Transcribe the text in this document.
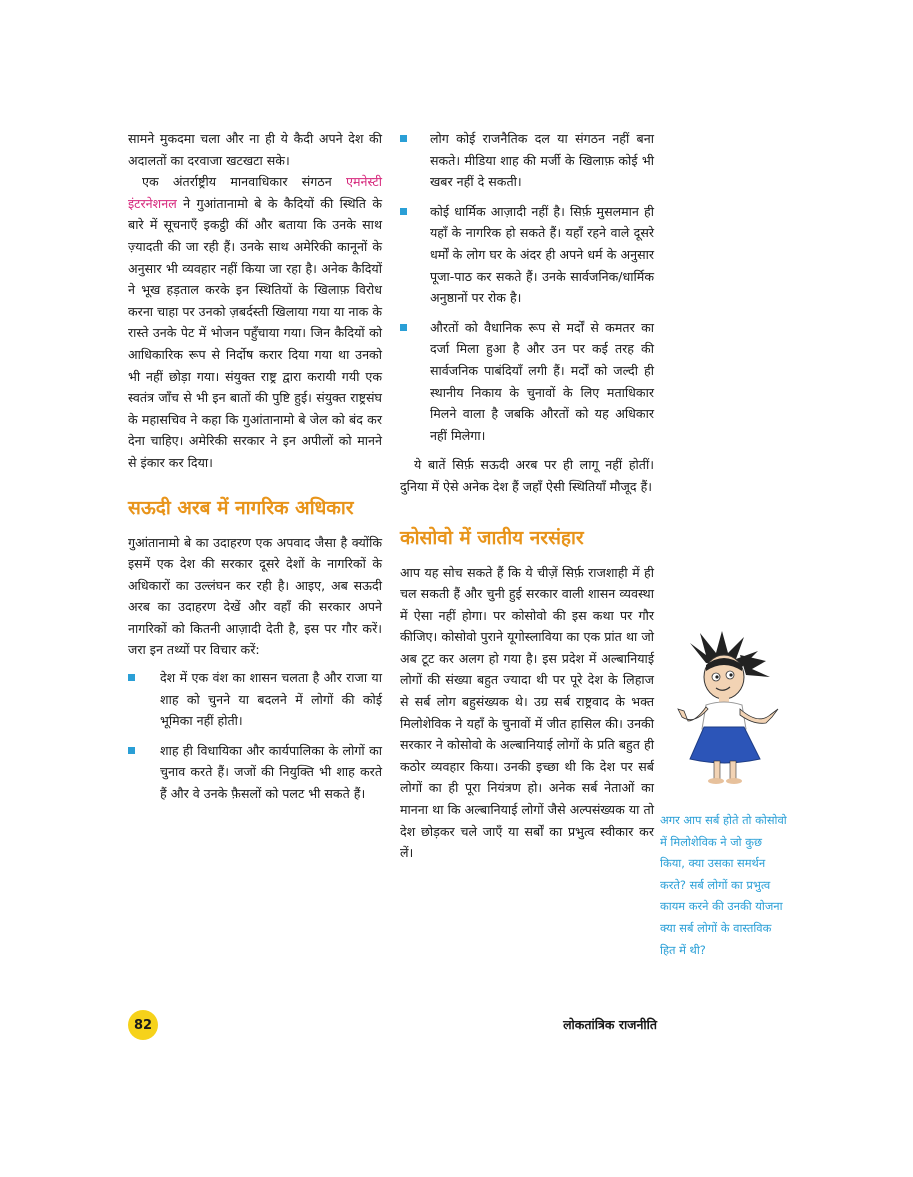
सामने मुकदमा चला और ना ही ये कैदी अपने देश की अदालतों का दरवाजा खटखटा सके।

एक अंतर्राष्ट्रीय मानवाधिकार संगठन एमनेस्टी इंटरनेशनल ने गुआंतानामो बे के कैदियों की स्थिति के बारे में सूचनाएँ इकट्ठी कीं और बताया कि उनके साथ ज़्यादती की जा रही हैं। उनके साथ अमेरिकी कानूनों के अनुसार भी व्यवहार नहीं किया जा रहा है। अनेक कैदियों ने भूख हड़ताल करके इन स्थितियों के खिलाफ़ विरोध करना चाहा पर उनको ज़बर्दस्ती खिलाया गया या नाक के रास्ते उनके पेट में भोजन पहुँचाया गया। जिन कैदियों को आधिकारिक रूप से निर्दोष करार दिया गया था उनको भी नहीं छोड़ा गया। संयुक्त राष्ट्र द्वारा करायी गयी एक स्वतंत्र जाँच से भी इन बातों की पुष्टि हुई। संयुक्त राष्ट्रसंघ के महासचिव ने कहा कि गुआंतानामो बे जेल को बंद कर देना चाहिए। अमेरिकी सरकार ने इन अपीलों को मानने से इंकार कर दिया।

सऊदी अरब में नागरिक अधिकार

गुआंतानामो बे का उदाहरण एक अपवाद जैसा है क्योंकि इसमें एक देश की सरकार दूसरे देशों के नागरिकों के अधिकारों का उल्लंघन कर रही है। आइए, अब सऊदी अरब का उदाहरण देखें और वहाँ की सरकार अपने नागरिकों को कितनी आज़ादी देती है, इस पर गौर करें। जरा इन तथ्यों पर विचार करें:

देश में एक वंश का शासन चलता है और राजा या शाह को चुनने या बदलने में लोगों की कोई भूमिका नहीं होती।

शाह ही विधायिका और कार्यपालिका के लोगों का चुनाव करते हैं। जजों की नियुक्ति भी शाह करते हैं और वे उनके फ़ैसलों को पलट भी सकते हैं।

लोग कोई राजनैतिक दल या संगठन नहीं बना सकते। मीडिया शाह की मर्जी के खिलाफ़ कोई भी खबर नहीं दे सकती।

कोई धार्मिक आज़ादी नहीं है। सिर्फ़ मुसलमान ही यहाँ के नागरिक हो सकते हैं। यहाँ रहने वाले दूसरे धर्मों के लोग घर के अंदर ही अपने धर्म के अनुसार पूजा-पाठ कर सकते हैं। उनके सार्वजनिक/धार्मिक अनुष्ठानों पर रोक है।

औरतों को वैधानिक रूप से मर्दों से कमतर का दर्जा मिला हुआ है और उन पर कई तरह की सार्वजनिक पाबंदियाँ लगी हैं। मर्दों को जल्दी ही स्थानीय निकाय के चुनावों के लिए मताधिकार मिलने वाला है जबकि औरतों को यह अधिकार नहीं मिलेगा।

ये बातें सिर्फ़ सऊदी अरब पर ही लागू नहीं होतीं। दुनिया में ऐसे अनेक देश हैं जहाँ ऐसी स्थितियाँ मौजूद हैं।

कोसोवो में जातीय नरसंहार

आप यह सोच सकते हैं कि ये चीज़ें सिर्फ़ राजशाही में ही चल सकती हैं और चुनी हुई सरकार वाली शासन व्यवस्था में ऐसा नहीं होगा। पर कोसोवो की इस कथा पर गौर कीजिए। कोसोवो पुराने यूगोस्लाविया का एक प्रांत था जो अब टूट कर अलग हो गया है। इस प्रदेश में अल्बानियाई लोगों की संख्या बहुत ज्यादा थी पर पूरे देश के लिहाज से सर्ब लोग बहुसंख्यक थे। उग्र सर्ब राष्ट्रवाद के भक्त मिलोशेविक ने यहाँ के चुनावों में जीत हासिल की। उनकी सरकार ने कोसोवो के अल्बानियाई लोगों के प्रति बहुत ही कठोर व्यवहार किया। उनकी इच्छा थी कि देश पर सर्ब लोगों का ही पूरा नियंत्रण हो। अनेक सर्ब नेताओं का मानना था कि अल्बानियाई लोगों जैसे अल्पसंख्यक या तो देश छोड़कर चले जाएँ या सर्बों का प्रभुत्व स्वीकार कर लें।

अगर आप सर्ब होते तो कोसोवो में मिलोशेविक ने जो कुछ किया, क्या उसका समर्थन करते? सर्ब लोगों का प्रभुत्व कायम करने की उनकी योजना क्या सर्ब लोगों के वास्तविक हित में थी?

82	लोकतांत्रिक राजनीति
